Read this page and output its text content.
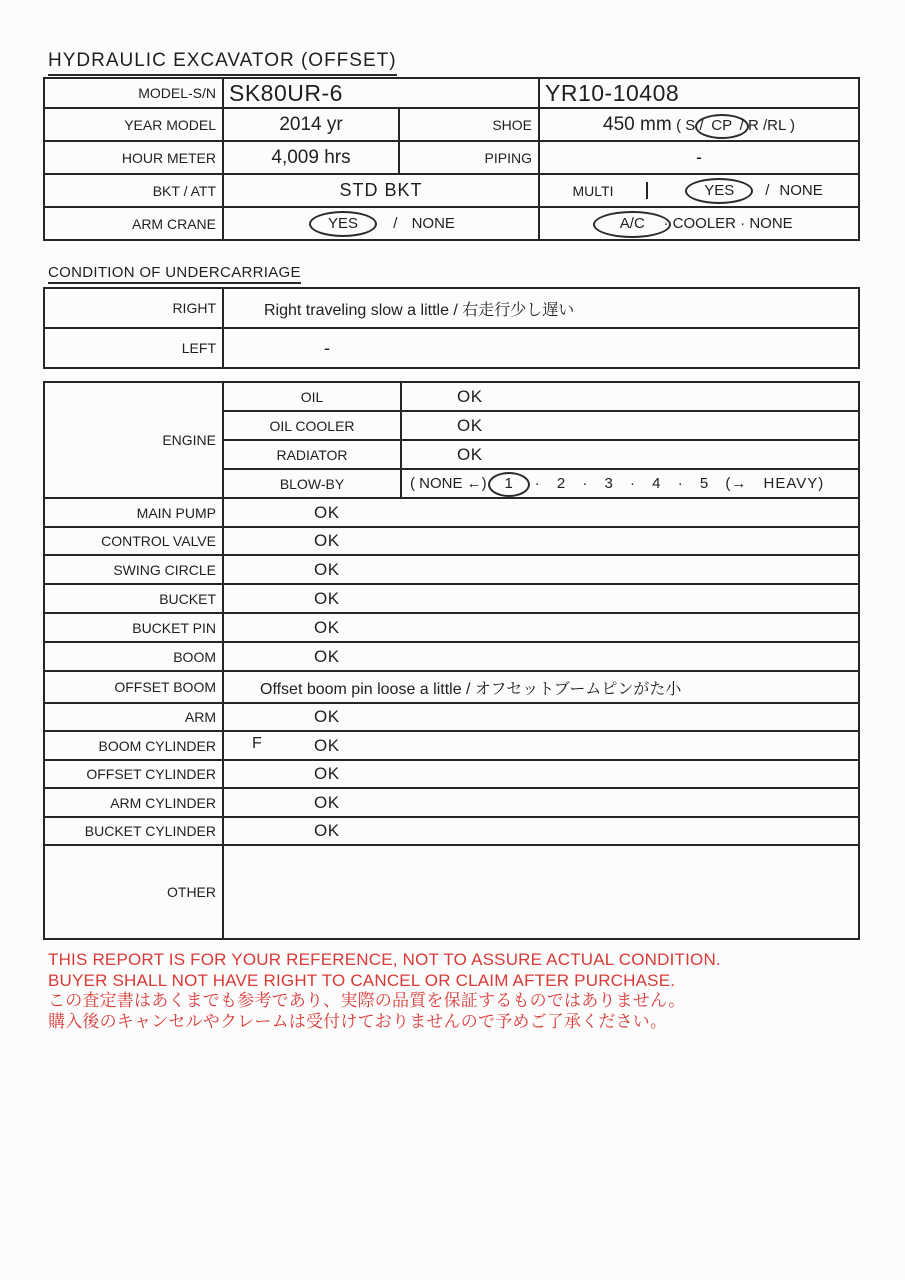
HYDRAULIC EXCAVATOR (OFFSET)
MODEL-S/N	SK80UR-6		YR10-10408
YEAR MODEL	2014 yr	SHOE	450 mm ( S / CP / R /RL )
HOUR METER	4,009 hrs	PIPING	-
BKT / ATT	STD BKT		MULTI YES / NONE

ARM CRANE	YES / NONE		A/C · COOLER · NONE
CONDITION OF UNDERCARRIAGE
RIGHT	Right traveling slow a little / 右走行少し遅い
LEFT	-
ENGINE	OIL	OK
	OIL COOLER	OK
	RADIATOR	OK
	BLOW-BY	( NONE ←) 1 · 2 · 3 · 4 · 5 (→ HEAVY)
MAIN PUMP	OK	
CONTROL VALVE	OK	
SWING CIRCLE	OK	
BUCKET	OK	
BUCKET PIN	OK	
BOOM	OK	
OFFSET BOOM	Offset boom pin loose a little / オフセットブームピンがた小	
ARM	OK	
BOOM CYLINDER	F OK	
OFFSET CYLINDER	OK	
ARM CYLINDER	OK	
BUCKET CYLINDER	OK	
OTHER		
THIS REPORT IS FOR YOUR REFERENCE, NOT TO ASSURE ACTUAL CONDITION.
BUYER SHALL NOT HAVE RIGHT TO CANCEL OR CLAIM AFTER PURCHASE.
この査定書はあくまでも参考であり、実際の品質を保証するものではありません。
購入後のキャンセルやクレームは受付けておりませんので予めご了承ください。
